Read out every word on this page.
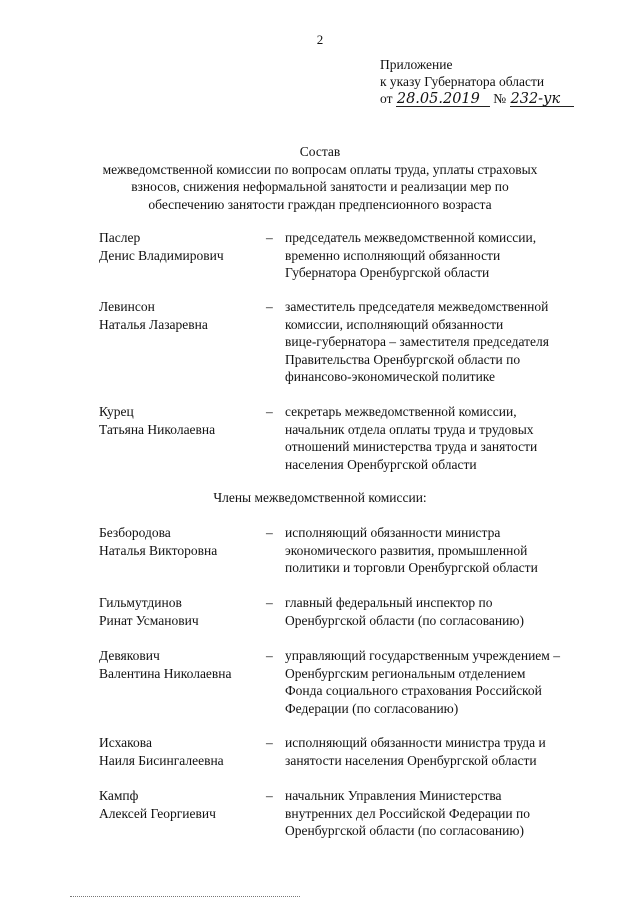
2
Приложение
к указу Губернатора области
от 28.05.2019 № 232-ук
Состав
межведомственной комиссии по вопросам оплаты труда, уплаты страховых
взносов, снижения неформальной занятости и реализации мер по
обеспечению занятости граждан предпенсионного возраста
Паслер
Денис Владимирович
– председатель межведомственной комиссии,
временно исполняющий обязанности
Губернатора Оренбургской области
Левинсон
Наталья Лазаревна
– заместитель председателя межведомственной
комиссии, исполняющий обязанности
вице-губернатора – заместителя председателя
Правительства Оренбургской области по
финансово-экономической политике
Курец
Татьяна Николаевна
– секретарь межведомственной комиссии,
начальник отдела оплаты труда и трудовых
отношений министерства труда и занятости
населения Оренбургской области
Члены межведомственной комиссии:
Безбородова
Наталья Викторовна
– исполняющий обязанности министра
экономического развития, промышленной
политики и торговли Оренбургской области
Гильмутдинов
Ринат Усманович
– главный федеральный инспектор по
Оренбургской области (по согласованию)
Девякович
Валентина Николаевна
– управляющий государственным учреждением –
Оренбургским региональным отделением
Фонда социального страхования Российской
Федерации (по согласованию)
Исхакова
Наиля Бисингалеевна
– исполняющий обязанности министра труда и
занятости населения Оренбургской области
Кампф
Алексей Георгиевич
– начальник Управления Министерства
внутренних дел Российской Федерации по
Оренбургской области (по согласованию)
